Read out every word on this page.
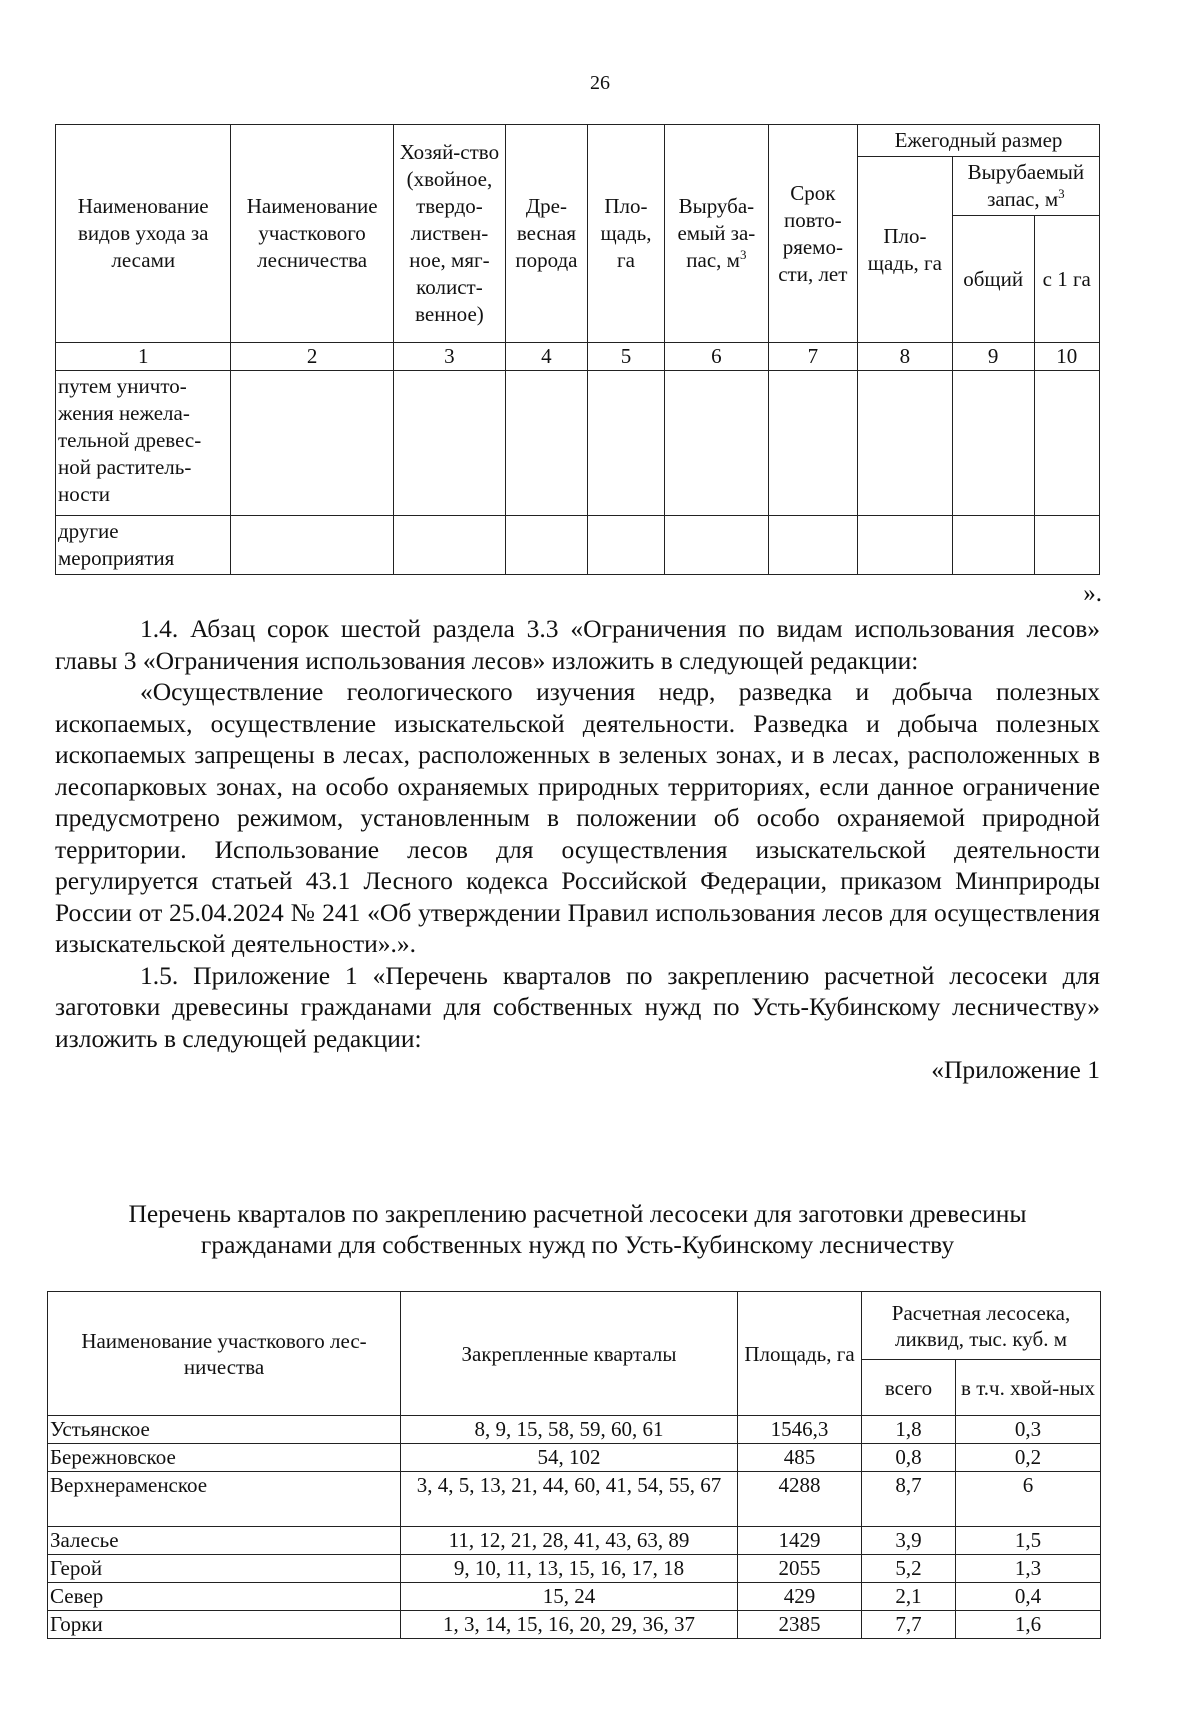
26
Наименование видов ухода за лесами	Наименование участкового лесничества	Хозяй-ство (хвойное, твердо-листвен-ное, мяг-колист-венное)	Дре-весная порода	Пло-щадь, га	Выруба-емый за-пас, $м^3$	Срок повто-ряемо-сти, лет	Ежегодный размер		
							Пло-щадь, га	Вырубаемый запас, $м^3$
								общий	с 1 га
1	2	3	4	5	6	7	8	9	10
путем уничто-жения нежела-тельной древес-ной раститель-ности									
другие мероприятия									
».

1.4. Абзац сорок шестой раздела 3.3 «Ограничения по видам использования лесов» главы 3 «Ограничения использования лесов» изложить в следующей редакции:

«Осуществление геологического изучения недр, разведка и добыча полезных ископаемых, осуществление изыскательской деятельности. Разведка и добыча полезных ископаемых запрещены в лесах, расположенных в зеленых зонах, и в лесах, расположенных в лесопарковых зонах, на особо охраняемых природных территориях, если данное ограничение предусмотрено режимом, установленным в положении об особо охраняемой природной территории. Использование лесов для осуществления изыскательской деятельности регулируется статьей 43.1 Лесного кодекса Российской Федерации, приказом Минприроды России от 25.04.2024 № 241 «Об утверждении Правил использования лесов для осуществления изыскательской деятельности».».

1.5. Приложение 1 «Перечень кварталов по закреплению расчетной лесосеки для заготовки древесины гражданами для собственных нужд по Усть-Кубинскому лесничеству» изложить в следующей редакции:

«Приложение 1

Перечень кварталов по закреплению расчетной лесосеки для заготовки древесины
гражданами для собственных нужд по Усть-Кубинскому лесничеству
Наименование участкового лес-ничества	Закрепленные кварталы	Площадь, га	Расчетная лесосека, ликвид, тыс. куб. м	
			всего	в т.ч. хвой-ных
Устьянское	8, 9, 15, 58, 59, 60, 61	1546,3	1,8	0,3
Бережновское	54, 102	485	0,8	0,2
Верхнераменское	3, 4, 5, 13, 21, 44, 60, 41, 54, 55, 67	4288	8,7	6
Залесье	11, 12, 21, 28, 41, 43, 63, 89	1429	3,9	1,5
Герой	9, 10, 11, 13, 15, 16, 17, 18	2055	5,2	1,3
Север	15, 24	429	2,1	0,4
Горки	1, 3, 14, 15, 16, 20, 29, 36, 37	2385	7,7	1,6
